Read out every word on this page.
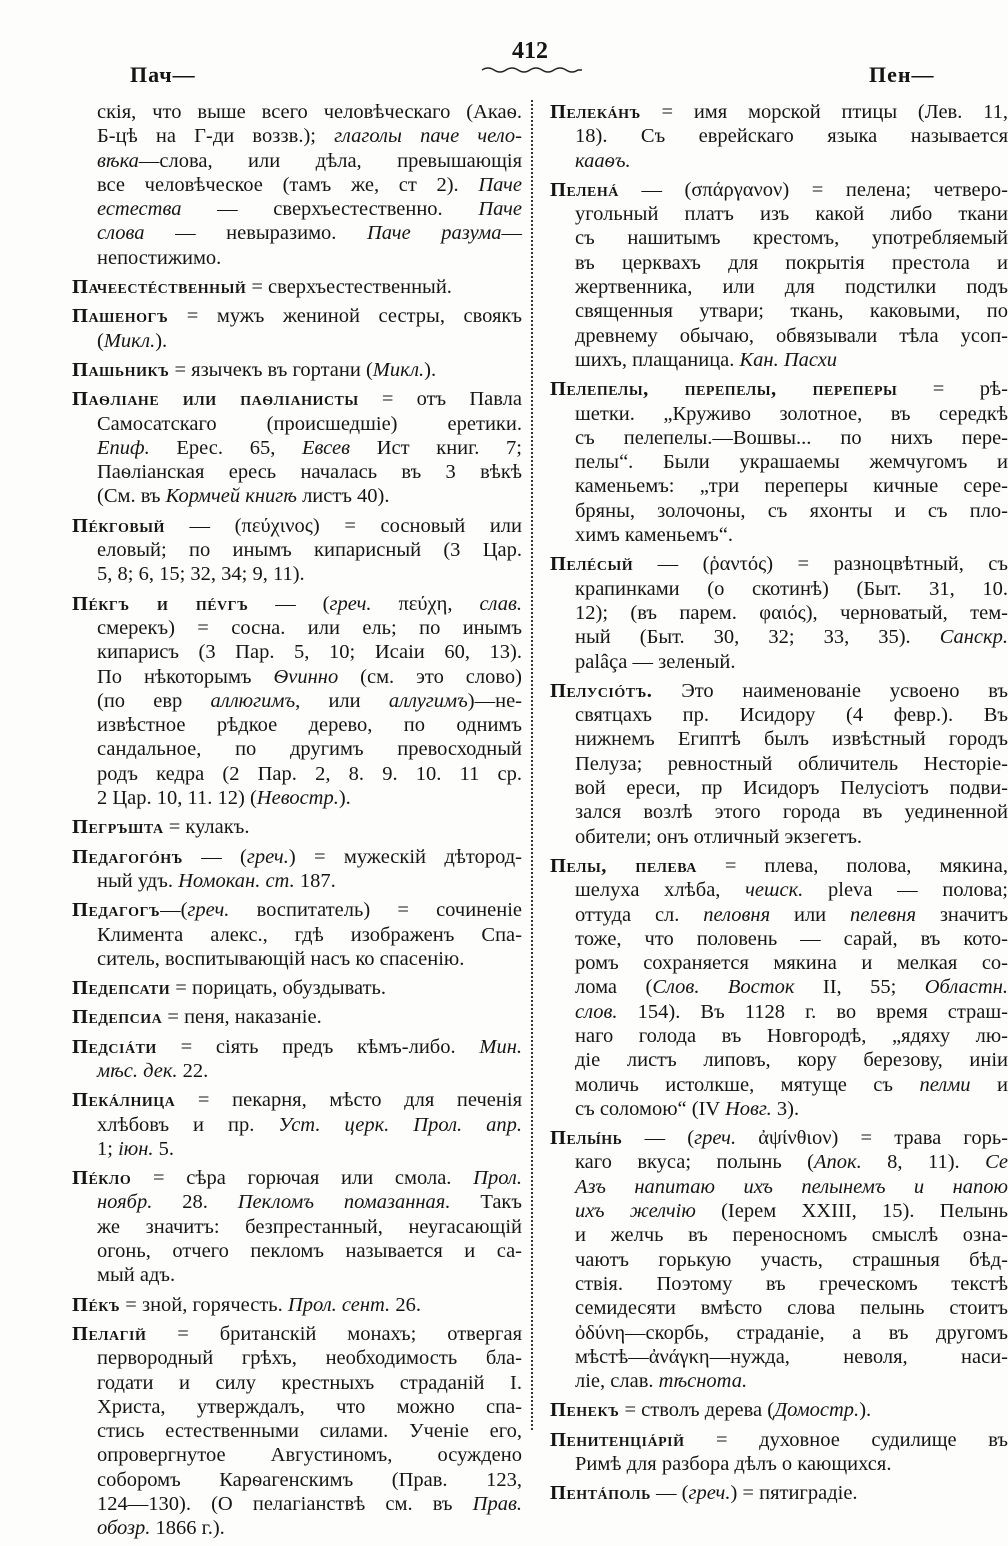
412
Пач—	Пен—
скія, что выше всего человѣческаго (Акаѳ.
Б-цѣ на Г-ди воззв.); глаголы паче чело-
вѣка—слова, или дѣла, превышающія
все человѣческое (тамъ же, ст 2). Паче
естества — сверхъестественно. Паче
слова — невыразимо. Паче разума—
непостижимо.
Пачеестéственный = сверхъестественный.
Пашеногъ = мужъ жениной сестры, своякъ
(Микл.).
Пашьникъ = язычекъ въ гортани (Микл.).
Паѳліане или паѳліанисты = отъ Павла
Самосатскаго (происшедшіе) еретики.
Епиф. Ерес. 65, Евсев Ист книг. 7;
Паѳліанская ересь началась въ 3 вѣкѣ
(См. въ Кормчей книгѣ листъ 40).
Пéкговый — (πεύχινος) = сосновый или
еловый; по инымъ кипарисный (3 Цар.
5, 8; 6, 15; 32, 34; 9, 11).
Пéкгъ и пévгъ — (греч. πεύχη, слав.
смерекъ) = сосна. или ель; по инымъ
кипарисъ (3 Пар. 5, 10; Исаіи 60, 13).
По нѣкоторымъ Ѳvинно (см. это слово)
(по евр аллюгимъ, или аллугимъ)—не-
извѣстное рѣдкое дерево, по однимъ
сандальное, по другимъ превосходный
родъ кедра (2 Пар. 2, 8. 9. 10. 11 ср.
2 Цар. 10, 11. 12) (Невостр.).
Пегръшта = кулакъ.
Педагогóнъ — (греч.) = мужескій дѣтород-
ный удъ. Номокан. ст. 187.
Педагогъ—(греч. воспитатель) = сочиненіе
Климента алекс., гдѣ изображенъ Спа-
ситель, воспитывающій насъ ко спасенію.
Педепсати = порицать, обуздывать.
Педепсиа = пеня, наказаніе.
Педсiáти = сіять предъ кѣмъ-либо. Мин.
мѣс. дек. 22.
Пекáлница = пекарня, мѣсто для печенія
хлѣбовъ и пр. Уст. церк. Прол. апр.
1; іюн. 5.
Пéкло = сѣра горючая или смола. Прол.
ноябр. 28. Пекломъ помазанная. Такъ
же значитъ: безпрестанный, неугасающій
огонь, отчего пекломъ называется и са-
мый адъ.
Пéкъ = зной, горячесть. Прол. сент. 26.
Пелагій = британскій монахъ; отвергая
первородный грѣхъ, необходимость бла-
годати и силу крестныхъ страданій І.
Христа, утверждалъ, что можно спа-
стись естественными силами. Ученіе его,
опровергнутое Августиномъ, осуждено
соборомъ Карѳагенскимъ (Прав. 123,
124—130). (О пелагіанствѣ см. въ Прав.
обозр. 1866 г.).
Пелекáнъ = имя морской птицы (Лев. 11,
18). Съ еврейскаго языка называется
кааѳъ.
Пеленá — (σπάργανον) = пелена; четверо-
угольный платъ изъ какой либо ткани
съ нашитымъ крестомъ, употребляемый
въ церквахъ для покрытія престола и
жертвенника, или для подстилки подъ
священныя утвари; ткань, каковыми, по
древнему обычаю, обвязывали тѣла усоп-
шихъ, плащаница. Кан. Пасхи
Пелепелы, перепелы, переперы = рѣ-
шетки. „Круживо золотное, въ середкѣ
съ пелепелы.—Вошвы... по нихъ пере-
пелы“. Были украшаемы жемчугомъ и
каменьемъ: „три переперы кичные сере-
бряны, золочоны, съ яхонты и съ пло-
химъ каменьемъ“.
Пелéсый — (ῥαντός) = разноцвѣтный, съ
крапинками (о скотинѣ) (Быт. 31, 10.
12); (въ парем. φαιός), черноватый, тем-
ный (Быт. 30, 32; 33, 35). Санскр.
palâça — зеленый.
Пелусióтъ. Это наименованіе усвоено въ
святцахъ пр. Исидору (4 февр.). Въ
нижнемъ Египтѣ былъ извѣстный городъ
Пелуза; ревностный обличитель Несторіе-
вой ереси, пр Исидоръ Пелусіотъ подви-
зался возлѣ этого города въ уединенной
обители; онъ отличный экзегетъ.
Пелы, пелева = плева, полова, мякина,
шелуха хлѣба, чешск. pleva — полова;
оттуда сл. пеловня или пелевня значитъ
тоже, что половень — сарай, въ кото-
ромъ сохраняется мякина и мелкая со-
лома (Слов. Восток II, 55; Областн.
слов. 154). Въ 1128 г. во время страш-
наго голода въ Новгородѣ, „ядяху лю-
діе листъ липовъ, кору березову, иніи
моличь истолкше, мятуще съ пелми и
съ соломою“ (IV Новг. 3).
Пелы́нь — (греч. ἀψίνθιον) = трава горь-
каго вкуса; полынь (Апок. 8, 11). Се
Азъ напитаю ихъ пелынемъ и напою
ихъ желчію (Іерем XXIII, 15). Пелынь
и желчь въ переносномъ смыслѣ озна-
чаютъ горькую участь, страшныя бѣд-
ствія. Поэтому въ греческомъ текстѣ
семидесяти вмѣсто слова пелынь стоитъ
ὀδύνη—скорбь, страданіе, а въ другомъ
мѣстѣ—ἀνάγκη—нужда, неволя, наси-
ліе, слав. тѣснота.
Пенекъ = стволъ дерева (Домостр.).
Пенитенцiáрій = духовное судилище въ
Римѣ для разбора дѣлъ о кающихся.
Пентáполь — (греч.) = пятиградіе.
